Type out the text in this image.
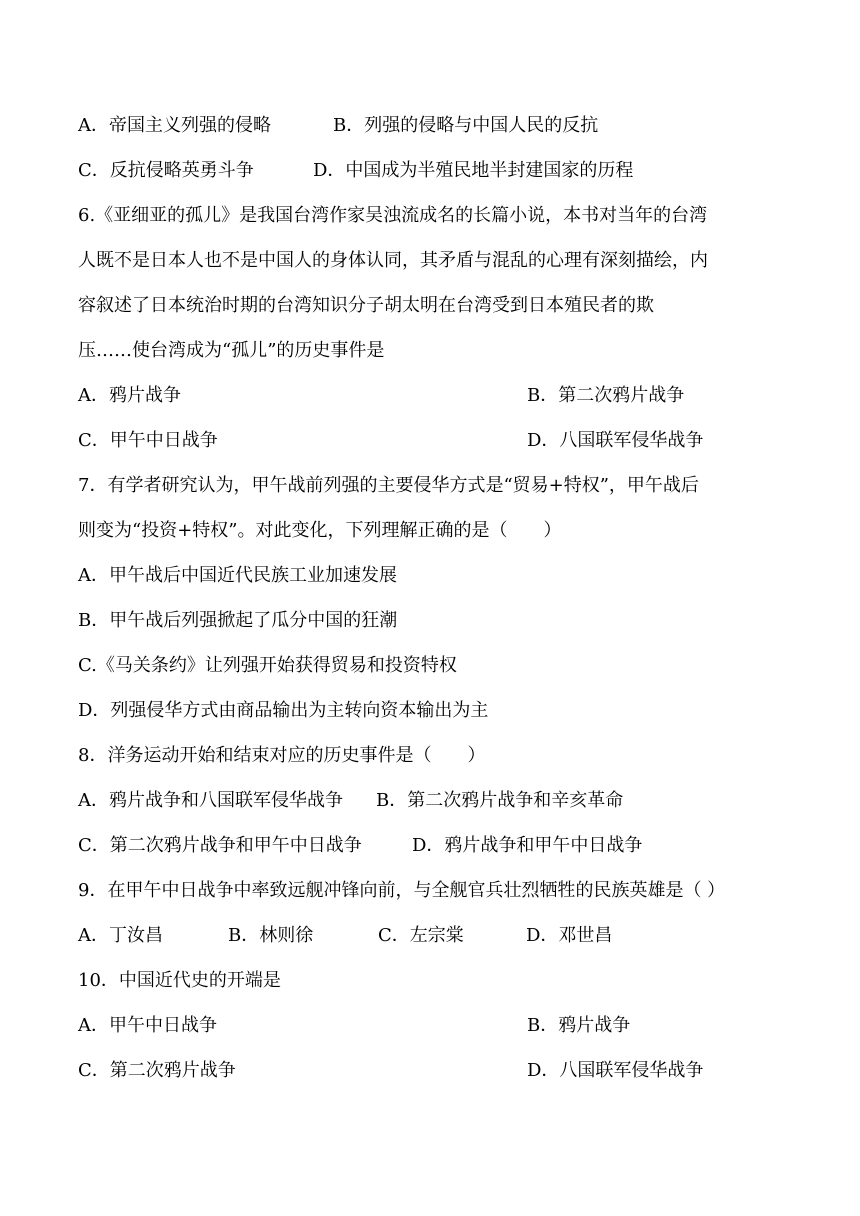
A．帝国主义列强的侵略	B．列强的侵略与中国人民的反抗
C．反抗侵略英勇斗争	D．中国成为半殖民地半封建国家的历程
6.《亚细亚的孤儿》是我国台湾作家吴浊流成名的长篇小说，本书对当年的台湾
人既不是日本人也不是中国人的身体认同，其矛盾与混乱的心理有深刻描绘，内
容叙述了日本统治时期的台湾知识分子胡太明在台湾受到日本殖民者的欺
压……使台湾成为“孤儿”的历史事件是
A．鸦片战争	B．第二次鸦片战争
C．甲午中日战争	D．八国联军侵华战争
7．有学者研究认为，甲午战前列强的主要侵华方式是“贸易+特权”，甲午战后
则变为“投资+特权”。对此变化，下列理解正确的是（　　）
A．甲午战后中国近代民族工业加速发展
B．甲午战后列强掀起了瓜分中国的狂潮
C.《马关条约》让列强开始获得贸易和投资特权
D．列强侵华方式由商品输出为主转向资本输出为主
8．洋务运动开始和结束对应的历史事件是（　　）
A．鸦片战争和八国联军侵华战争 B．第二次鸦片战争和辛亥革命
C．第二次鸦片战争和甲午中日战争	D．鸦片战争和甲午中日战争
9．在甲午中日战争中率致远舰冲锋向前，与全舰官兵壮烈牺牲的民族英雄是（ ）
A．丁汝昌	B．林则徐	C．左宗棠	D．邓世昌
10．中国近代史的开端是
A．甲午中日战争	B．鸦片战争
C．第二次鸦片战争	D．八国联军侵华战争
